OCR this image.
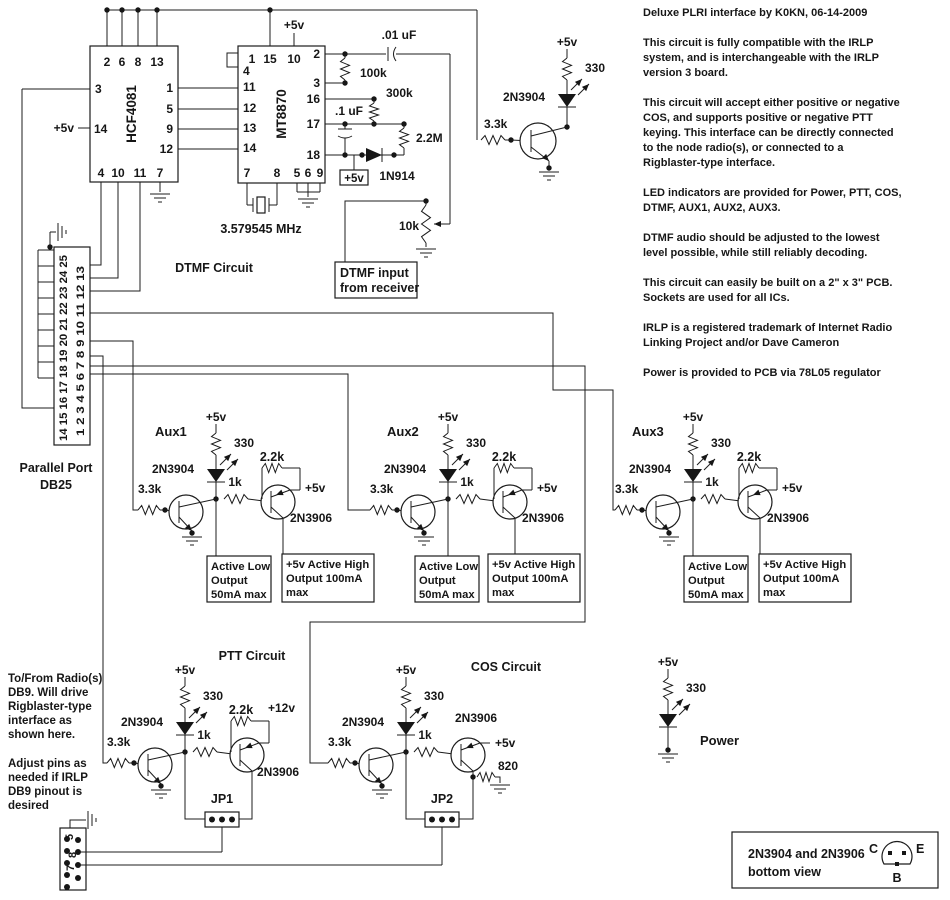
Deluxe PLRI interface by K0KN, 06-14-2009
This circuit is fully compatible with the IRLP
system, and is interchangeable with the IRLP
version 3 board.
This circuit will accept either positive or negative
COS, and supports positive or negative PTT
keying. This interface can be directly connected
to the node radio(s), or connected to a
Rigblaster-type interface.
LED indicators are provided for Power, PTT, COS,
DTMF, AUX1, AUX2, AUX3.
DTMF audio should be adjusted to the lowest
level possible, while still reliably decoding.
This circuit can easily be built on a 2" x 3" PCB.
Sockets are used for all ICs.
IRLP is a registered trademark of Internet Radio
Linking Project and/or Dave Cameron
Power is provided to PCB via 78L05 regulator
HCF4081
2 6 8 13
3
14
+5v
1
5
9
12
4 10 11 7
MT8870
1 15 10
+5v
4
11
12
13
14
2
3
16
17
18
100k
.01 uF
300k
2.2M
.1 uF
+5v 1N914
7 8 5 6 9
3.579545 MHz
DTMF Circuit	DTMF input
from receiver
10k
+5v
330
3.3k
2N3904
14 15 16 17 18 19 20 21 22 23 24 25 1 2 3 4 5 6 7 8 9 10 11 12 13
Parallel Port
DB25
Aux1
+5v
330
2N3904
3.3k	1k
2.2k
+5v
2N3906
Active Low
Output
50mA max
+5v Active High
Output 100mA
max
Aux2
+5v
330
2N3904
3.3k	1k
2.2k
+5v
2N3906
Active Low
Output
50mA max
+5v Active High
Output 100mA
max
Aux3
+5v
330
2N3904
3.3k	1k
2.2k
+5v
2N3906
Active Low
Output
50mA max
+5v Active High
Output 100mA
max
PTT Circuit
+5v
330
2N3904
3.3k	1k
2.2k +12v
2N3906
JP1
COS Circuit
+5v
330
2N3904
3.3k	1k
+5v
2N3906
820
JP2
+5v
330
Power
To/From Radio(s)
DB9. Will drive
Rigblaster-type
interface as
shown here.
Adjust pins as
needed if IRLP
DB9 pinout is
desired
5
8
7
2N3904 and 2N3906
bottom view
C	E
B
